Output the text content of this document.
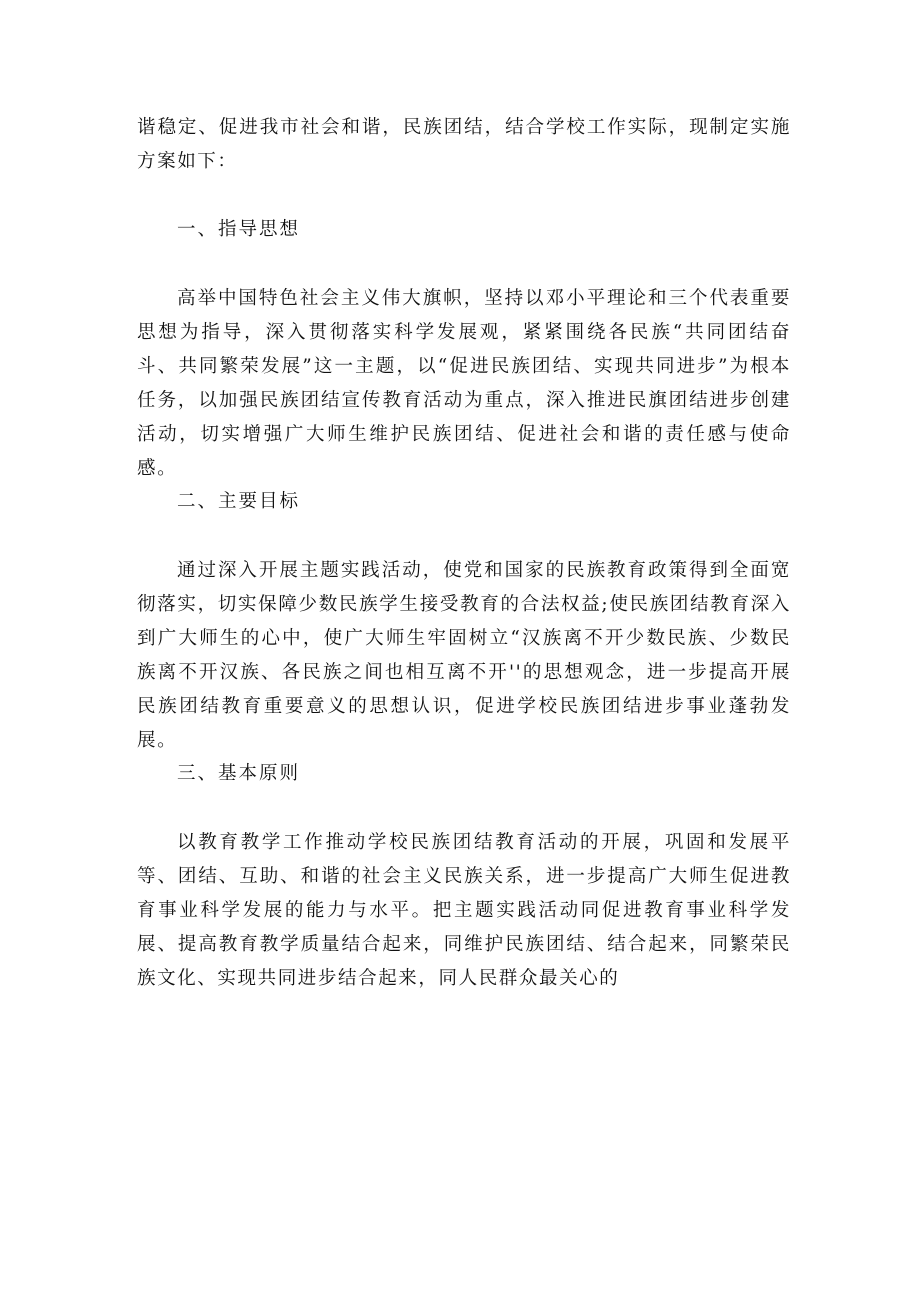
谐稳定、促进我市社会和谐，民族团结，结合学校工作实际，现制定实施方案如下：

一、指导思想

高举中国特色社会主义伟大旗帜，坚持以邓小平理论和三个代表重要思想为指导，深入贯彻落实科学发展观，紧紧围绕各民族“共同团结奋斗、共同繁荣发展”这一主题，以“促进民族团结、实现共同进步”为根本任务，以加强民族团结宣传教育活动为重点，深入推进民旗团结进步创建活动，切实增强广大师生维护民族团结、促进社会和谐的责任感与使命感。

二、主要目标

通过深入开展主题实践活动，使党和国家的民族教育政策得到全面宽彻落实，切实保障少数民族学生接受教育的合法权益;使民族团结教育深入到广大师生的心中，使广大师生牢固树立“汉族离不开少数民族、少数民族离不开汉族、各民族之间也相互离不开''的思想观念，进一步提高开展民族团结教育重要意义的思想认识，促进学校民族团结进步事业蓬勃发展。

三、基本原则

以教育教学工作推动学校民族团结教育活动的开展，巩固和发展平等、团结、互助、和谐的社会主义民族关系，进一步提高广大师生促进教育事业科学发展的能力与水平。把主题实践活动同促进教育事业科学发展、提高教育教学质量结合起来，同维护民族团结、结合起来，同繁荣民族文化、实现共同进步结合起来，同人民群众最关心的
